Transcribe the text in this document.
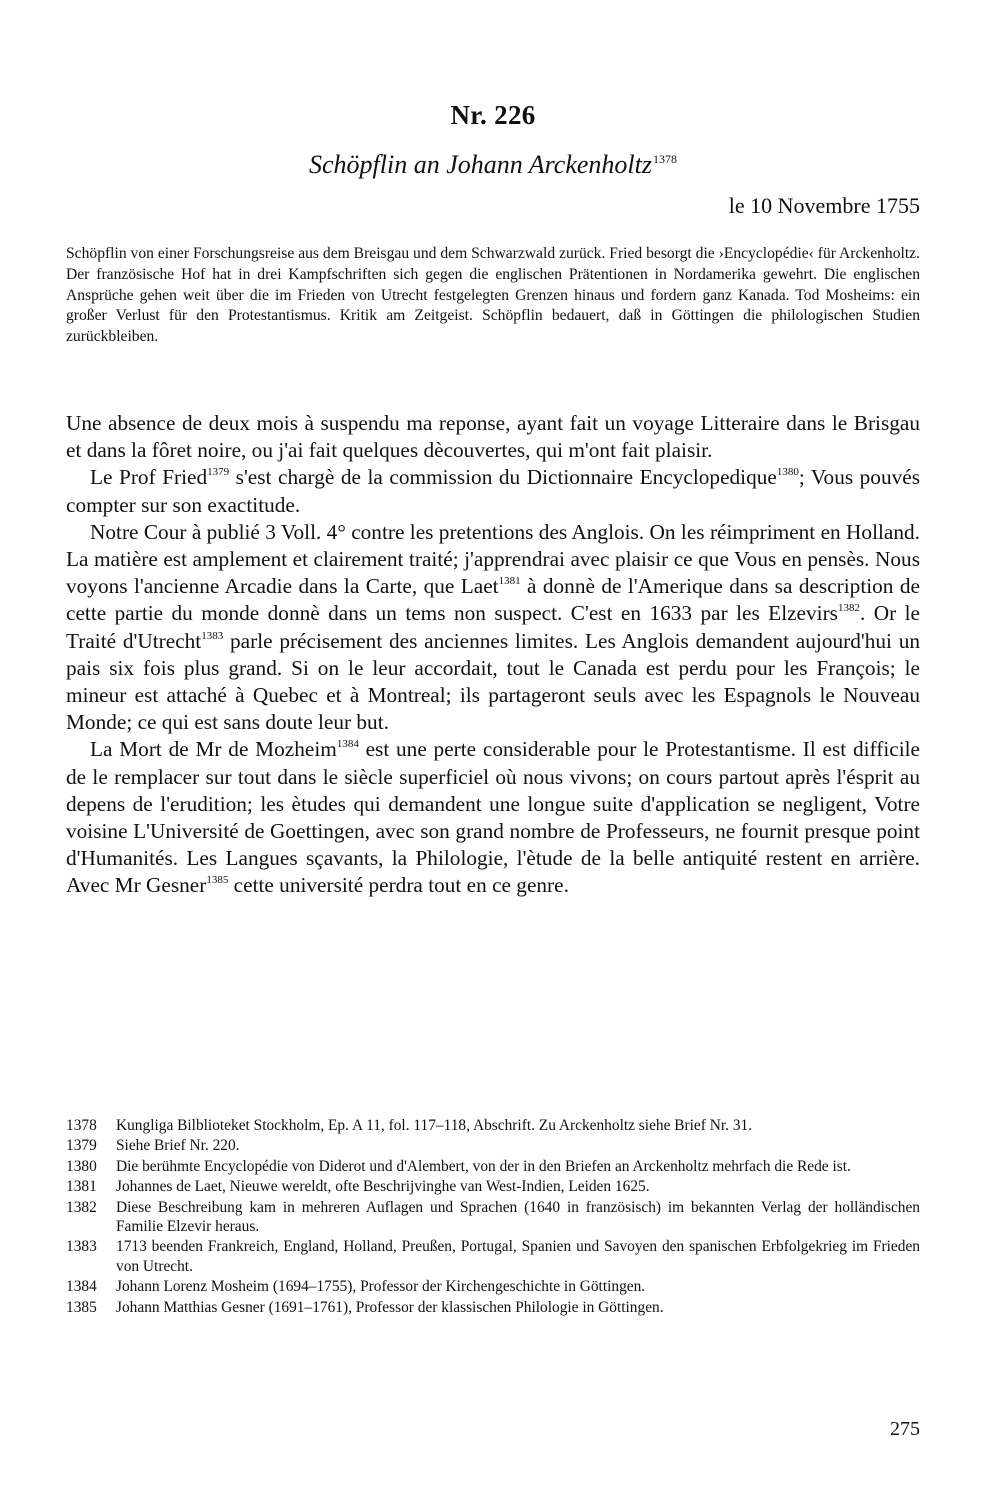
Nr. 226
Schöpflin an Johann Arckenholtz$^{1378}$
le 10 Novembre 1755
Schöpflin von einer Forschungsreise aus dem Breisgau und dem Schwarzwald zurück. Fried besorgt die ›Encyclopédie‹ für Arckenholtz. Der französische Hof hat in drei Kampfschriften sich gegen die englischen Prätentionen in Nordamerika gewehrt. Die englischen Ansprüche gehen weit über die im Frieden von Utrecht festgelegten Grenzen hinaus und fordern ganz Kanada. Tod Mosheims: ein großer Verlust für den Protestantismus. Kritik am Zeitgeist. Schöpflin bedauert, daß in Göttingen die philologischen Studien zurückbleiben.

Une absence de deux mois à suspendu ma reponse, ayant fait un voyage Litteraire dans le Brisgau et dans la fôret noire, ou j'ai fait quelques dècouvertes, qui m'ont fait plaisir.

Le Prof Fried$^{1379}$ s'est chargè de la commission du Dictionnaire Encyclopedique$^{1380}$; Vous pouvés compter sur son exactitude.

Notre Cour à publié 3 Voll. 4° contre les pretentions des Anglois. On les réimpriment en Holland. La matière est amplement et clairement traité; j'apprendrai avec plaisir ce que Vous en pensès. Nous voyons l'ancienne Arcadie dans la Carte, que Laet$^{1381}$ à donnè de l'Amerique dans sa description de cette partie du monde donnè dans un tems non suspect. C'est en 1633 par les Elzevirs$^{1382}$. Or le Traité d'Utrecht$^{1383}$ parle précisement des anciennes limites. Les Anglois demandent aujourd'hui un pais six fois plus grand. Si on le leur accordait, tout le Canada est perdu pour les François; le mineur est attaché à Quebec et à Montreal; ils partageront seuls avec les Espagnols le Nouveau Monde; ce qui est sans doute leur but.

La Mort de Mr de Mozheim$^{1384}$ est une perte considerable pour le Protestantisme. Il est difficile de le remplacer sur tout dans le siècle superficiel où nous vivons; on cours partout après l'ésprit au depens de l'erudition; les ètudes qui demandent une longue suite d'application se negligent, Votre voisine L'Université de Goettingen, avec son grand nombre de Professeurs, ne fournit presque point d'Humanités. Les Langues sçavants, la Philologie, l'ètude de la belle antiquité restent en arrière. Avec Mr Gesner$^{1385}$ cette université perdra tout en ce genre.

1378	Kungliga Bilblioteket Stockholm, Ep. A 11, fol. 117–118, Abschrift. Zu Arckenholtz siehe Brief Nr. 31.
1379	Siehe Brief Nr. 220.
1380	Die berühmte Encyclopédie von Diderot und d'Alembert, von der in den Briefen an Arckenholtz mehrfach die Rede ist.
1381	Johannes de Laet, Nieuwe wereldt, ofte Beschrijvinghe van West-Indien, Leiden 1625.
1382	Diese Beschreibung kam in mehreren Auflagen und Sprachen (1640 in französisch) im bekannten Verlag der holländischen Familie Elzevir heraus.
1383	1713 beenden Frankreich, England, Holland, Preußen, Portugal, Spanien und Savoyen den spanischen Erbfolgekrieg im Frieden von Utrecht.
1384	Johann Lorenz Mosheim (1694–1755), Professor der Kirchengeschichte in Göttingen.
1385	Johann Matthias Gesner (1691–1761), Professor der klassischen Philologie in Göttingen.
275
